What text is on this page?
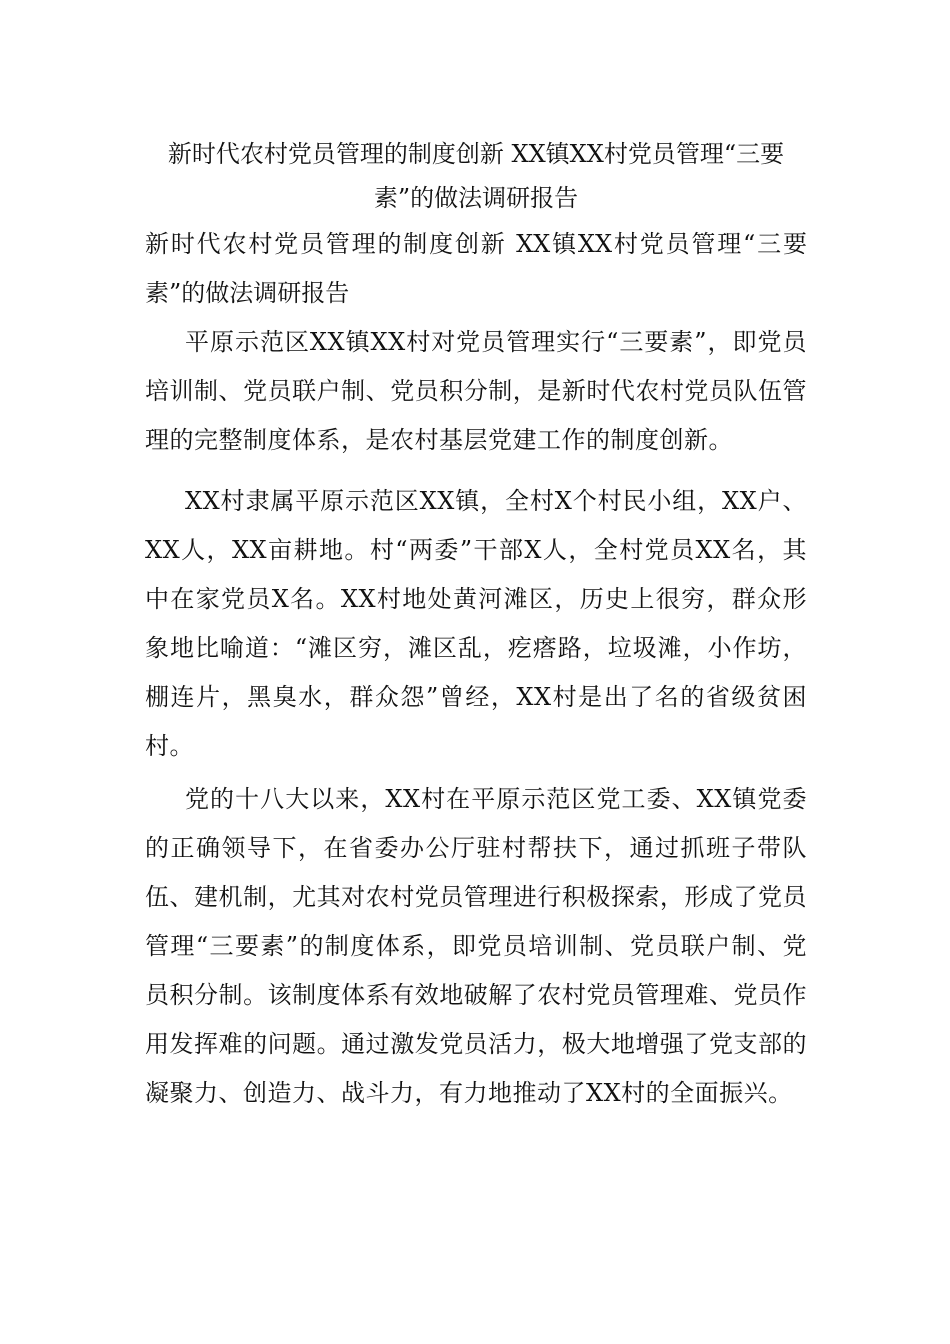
新时代农村党员管理的制度创新 XX镇XX村党员管理“三要素”的做法调研报告

新时代农村党员管理的制度创新 XX镇XX村党员管理“三要素”的做法调研报告

平原示范区XX镇XX村对党员管理实行“三要素”，即党员培训制、党员联户制、党员积分制，是新时代农村党员队伍管理的完整制度体系，是农村基层党建工作的制度创新。

XX村隶属平原示范区XX镇，全村X个村民小组，XX户、XX人，XX亩耕地。村“两委”干部X人，全村党员XX名，其中在家党员X名。XX村地处黄河滩区，历史上很穷，群众形象地比喻道：“滩区穷，滩区乱，疙瘩路，垃圾滩，小作坊，棚连片，黑臭水，群众怨”曾经，XX村是出了名的省级贫困村。

党的十八大以来，XX村在平原示范区党工委、XX镇党委的正确领导下，在省委办公厅驻村帮扶下，通过抓班子带队伍、建机制，尤其对农村党员管理进行积极探索，形成了党员管理“三要素”的制度体系，即党员培训制、党员联户制、党员积分制。该制度体系有效地破解了农村党员管理难、党员作用发挥难的问题。通过激发党员活力，极大地增强了党支部的凝聚力、创造力、战斗力，有力地推动了XX村的全面振兴。
